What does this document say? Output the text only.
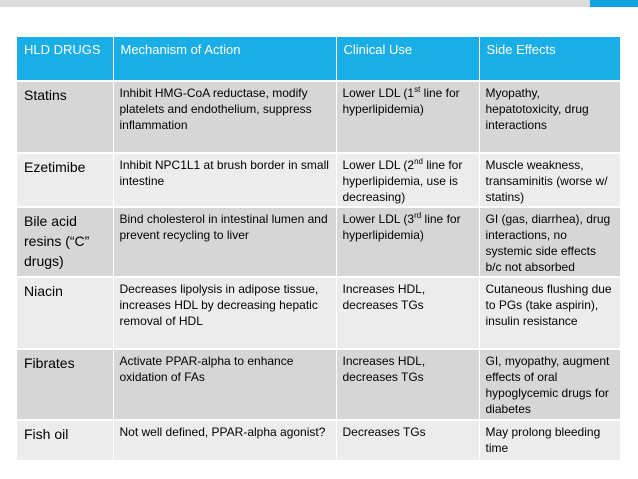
HLD DRUGS	Mechanism of Action	Clinical Use	Side Effects
Statins	Inhibit HMG-CoA reductase, modify platelets and endothelium, suppress inflammation	Lower LDL (1st line for hyperlipidemia)	Myopathy, hepatotoxicity, drug interactions
Ezetimibe	Inhibit NPC1L1 at brush border in small intestine	Lower LDL (2nd line for hyperlipidemia, use is decreasing)	Muscle weakness, transaminitis (worse w/ statins)
Bile acid resins (“C” drugs)	Bind cholesterol in intestinal lumen and prevent recycling to liver	Lower LDL (3rd line for hyperlipidemia)	GI (gas, diarrhea), drug interactions, no systemic side effects b/c not absorbed
Niacin	Decreases lipolysis in adipose tissue, increases HDL by decreasing hepatic removal of HDL	Increases HDL, decreases TGs	Cutaneous flushing due to PGs (take aspirin), insulin resistance
Fibrates	Activate PPAR-alpha to enhance oxidation of FAs	Increases HDL, decreases TGs	GI, myopathy, augment effects of oral hypoglycemic drugs for diabetes
Fish oil	Not well defined, PPAR-alpha agonist?	Decreases TGs	May prolong bleeding time
